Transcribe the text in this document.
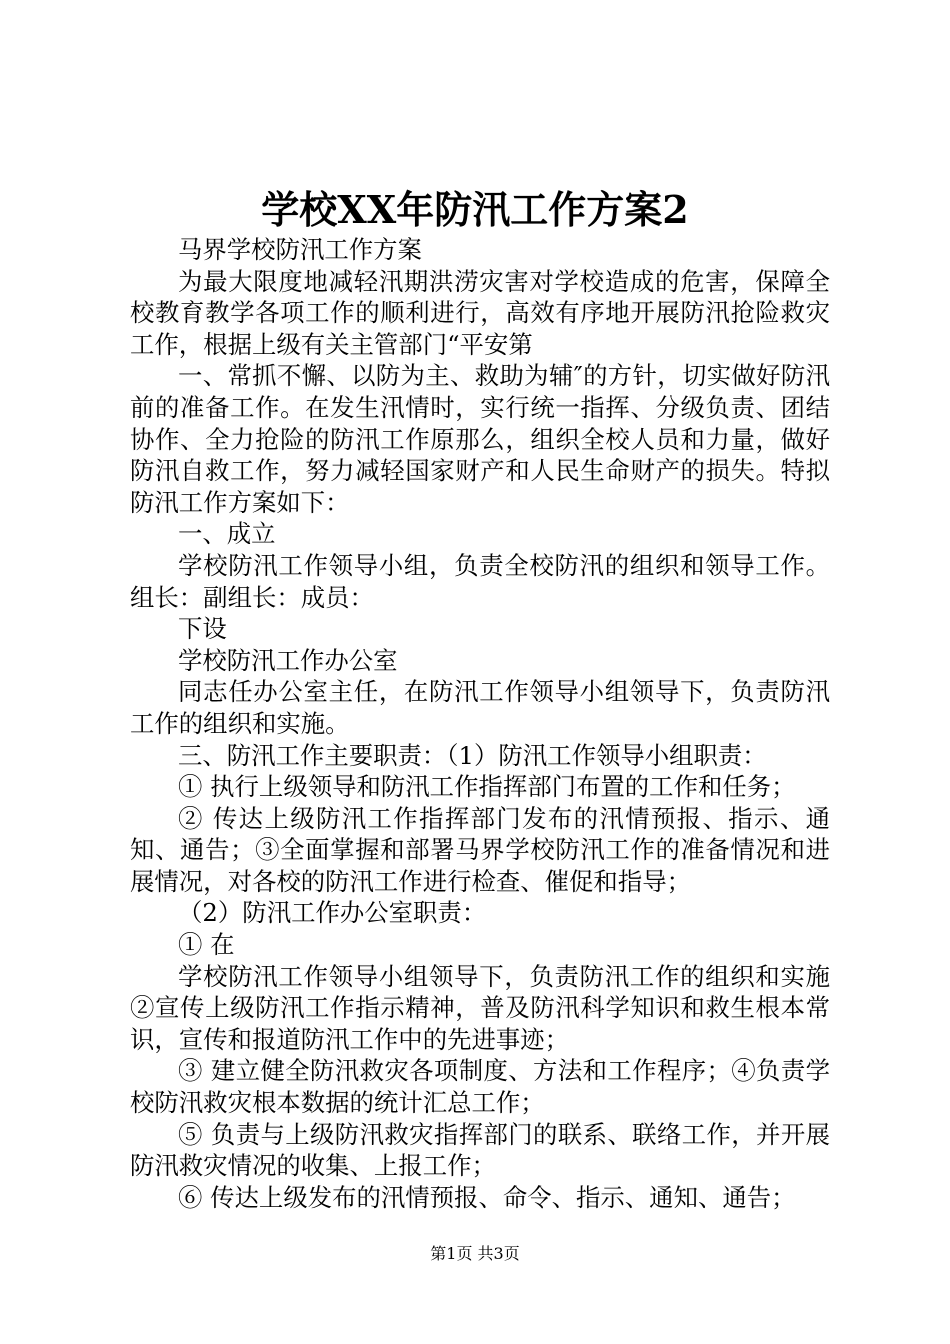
学校XX年防汛工作方案2

马界学校防汛工作方案

为最大限度地减轻汛期洪涝灾害对学校造成的危害，保障全校教育教学各项工作的顺利进行，高效有序地开展防汛抢险救灾工作，根据上级有关主管部门“平安第

一、常抓不懈、以防为主、救助为辅″的方针，切实做好防汛前的准备工作。在发生汛情时，实行统一指挥、分级负责、团结协作、全力抢险的防汛工作原那么，组织全校人员和力量，做好防汛自救工作，努力减轻国家财产和人民生命财产的损失。特拟防汛工作方案如下：

一、成立

学校防汛工作领导小组，负责全校防汛的组织和领导工作。组长：副组长：成员：

下设

学校防汛工作办公室

同志任办公室主任，在防汛工作领导小组领导下，负责防汛工作的组织和实施。

三、防汛工作主要职责：（1）防汛工作领导小组职责：

① 执行上级领导和防汛工作指挥部门布置的工作和任务；

② 传达上级防汛工作指挥部门发布的汛情预报、指示、通知、通告；③全面掌握和部署马界学校防汛工作的准备情况和进展情况，对各校的防汛工作进行检查、催促和指导；

（2）防汛工作办公室职责：

① 在

学校防汛工作领导小组领导下，负责防汛工作的组织和实施②宣传上级防汛工作指示精神，普及防汛科学知识和救生根本常识，宣传和报道防汛工作中的先进事迹；

③ 建立健全防汛救灾各项制度、方法和工作程序；④负责学校防汛救灾根本数据的统计汇总工作；

⑤ 负责与上级防汛救灾指挥部门的联系、联络工作，并开展防汛救灾情况的收集、上报工作；

⑥ 传达上级发布的汛情预报、命令、指示、通知、通告；

第1页 共3页
